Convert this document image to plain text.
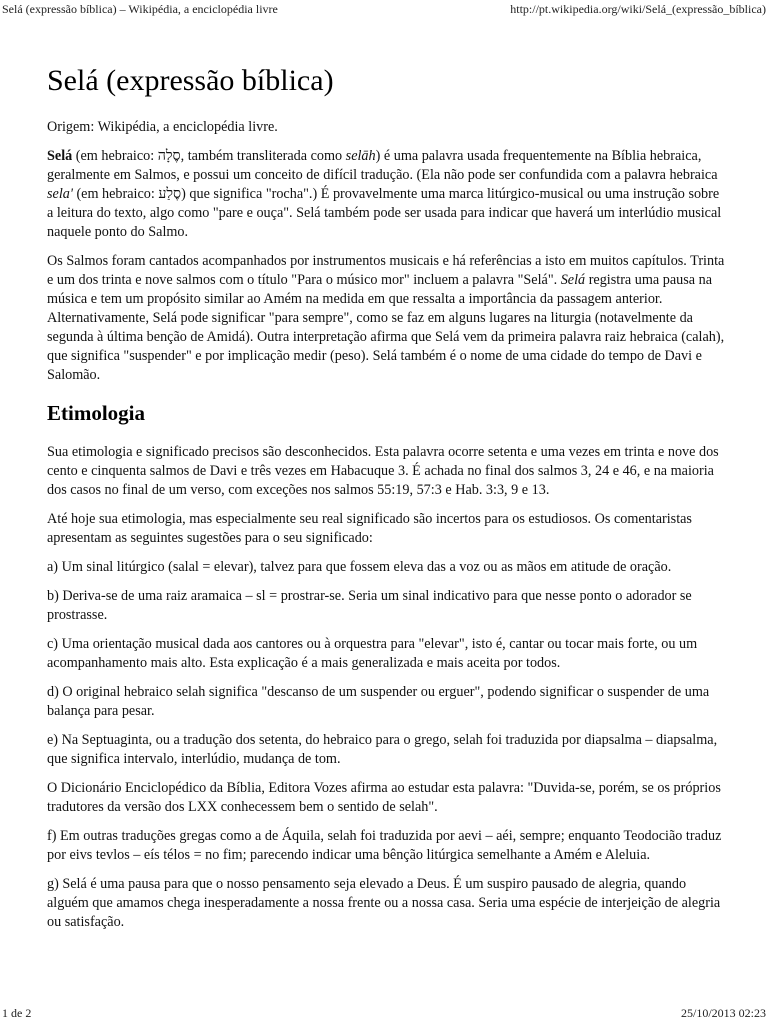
Selá (expressão bíblica) – Wikipédia, a enciclopédia livre	http://pt.wikipedia.org/wiki/Selá_(expressão_bíblica)
Selá (expressão bíblica)
Origem: Wikipédia, a enciclopédia livre.

Selá (em hebraico: סֶלָה, também transliterada como selāh) é uma palavra usada frequentemente na Bíblia hebraica, geralmente em Salmos, e possui um conceito de difícil tradução. (Ela não pode ser confundida com a palavra hebraica sela' (em hebraico: סֶלַע) que significa "rocha".) É provavelmente uma marca litúrgico-musical ou uma instrução sobre a leitura do texto, algo como "pare e ouça". Selá também pode ser usada para indicar que haverá um interlúdio musical naquele ponto do Salmo.

Os Salmos foram cantados acompanhados por instrumentos musicais e há referências a isto em muitos capítulos. Trinta e um dos trinta e nove salmos com o título "Para o músico mor" incluem a palavra "Selá". Selá registra uma pausa na música e tem um propósito similar ao Amém na medida em que ressalta a importância da passagem anterior. Alternativamente, Selá pode significar "para sempre", como se faz em alguns lugares na liturgia (notavelmente da segunda à última benção de Amidá). Outra interpretação afirma que Selá vem da primeira palavra raiz hebraica (calah), que significa "suspender" e por implicação medir (peso). Selá também é o nome de uma cidade do tempo de Davi e Salomão.

Etimologia

Sua etimologia e significado precisos são desconhecidos. Esta palavra ocorre setenta e uma vezes em trinta e nove dos cento e cinquenta salmos de Davi e três vezes em Habacuque 3. É achada no final dos salmos 3, 24 e 46, e na maioria dos casos no final de um verso, com exceções nos salmos 55:19, 57:3 e Hab. 3:3, 9 e 13.

Até hoje sua etimologia, mas especialmente seu real significado são incertos para os estudiosos. Os comentaristas apresentam as seguintes sugestões para o seu significado:

a) Um sinal litúrgico (salal = elevar), talvez para que fossem eleva das a voz ou as mãos em atitude de oração.

b) Deriva-se de uma raiz aramaica – sl = prostrar-se. Seria um sinal indicativo para que nesse ponto o adorador se prostrasse.

c) Uma orientação musical dada aos cantores ou à orquestra para "elevar", isto é, cantar ou tocar mais forte, ou um acompanhamento mais alto. Esta explicação é a mais generalizada e mais aceita por todos.

d) O original hebraico selah significa "descanso de um suspender ou erguer", podendo significar o suspender de uma balança para pesar.

e) Na Septuaginta, ou a tradução dos setenta, do hebraico para o grego, selah foi traduzida por diapsalma – diapsalma, que significa intervalo, interlúdio, mudança de tom.

O Dicionário Enciclopédico da Bíblia, Editora Vozes afirma ao estudar esta palavra: "Duvida-se, porém, se os próprios tradutores da versão dos LXX conhecessem bem o sentido de selah".

f) Em outras traduções gregas como a de Áquila, selah foi traduzida por aevi – aéi, sempre; enquanto Teodocião traduz por eivs tevlos – eís télos = no fim; parecendo indicar uma bênção litúrgica semelhante a Amém e Aleluia.

g) Selá é uma pausa para que o nosso pensamento seja elevado a Deus. É um suspiro pausado de alegria, quando alguém que amamos chega inesperadamente a nossa frente ou a nossa casa. Seria uma espécie de interjeição de alegria ou satisfação.

1 de 2	25/10/2013 02:23
